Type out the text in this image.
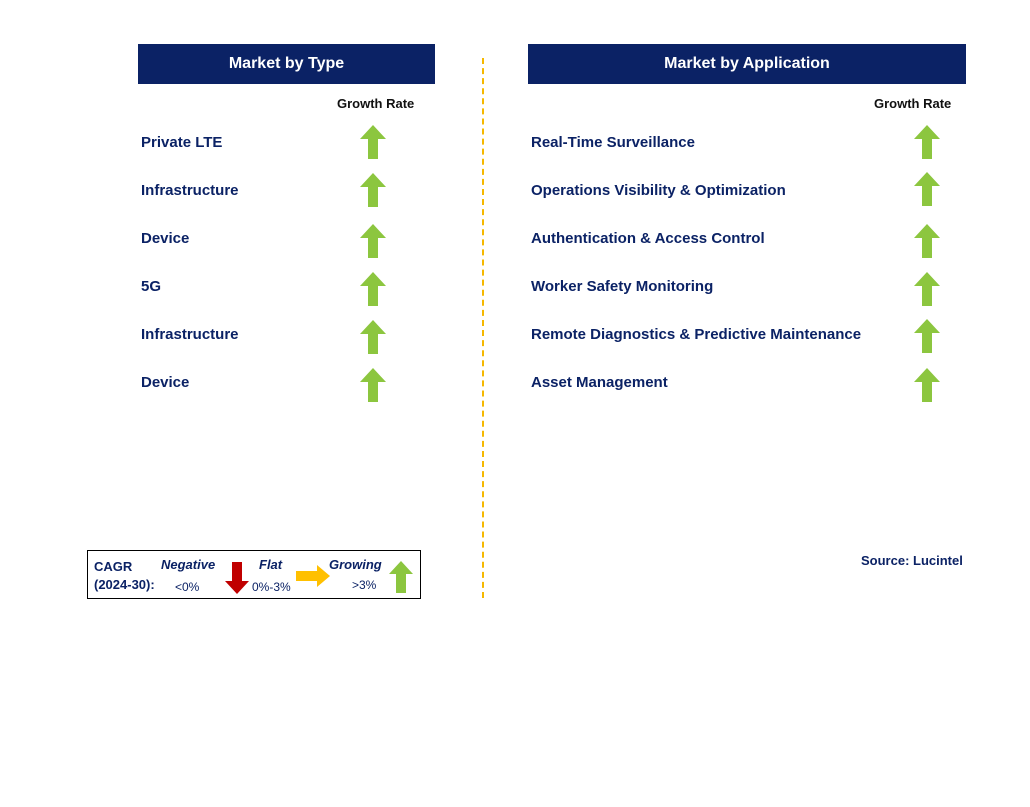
Market by Type
Growth Rate
Private LTE
Infrastructure
Device
5G
Infrastructure
Device
Market by Application
Growth Rate
Real-Time Surveillance
Operations Visibility & Optimization
Authentication & Access Control
Worker Safety Monitoring
Remote Diagnostics & Predictive Maintenance
Asset Management
CAGR
(2024-30):
Negative
<0%
Flat
0%-3%
Growing
>3%
Source: Lucintel
